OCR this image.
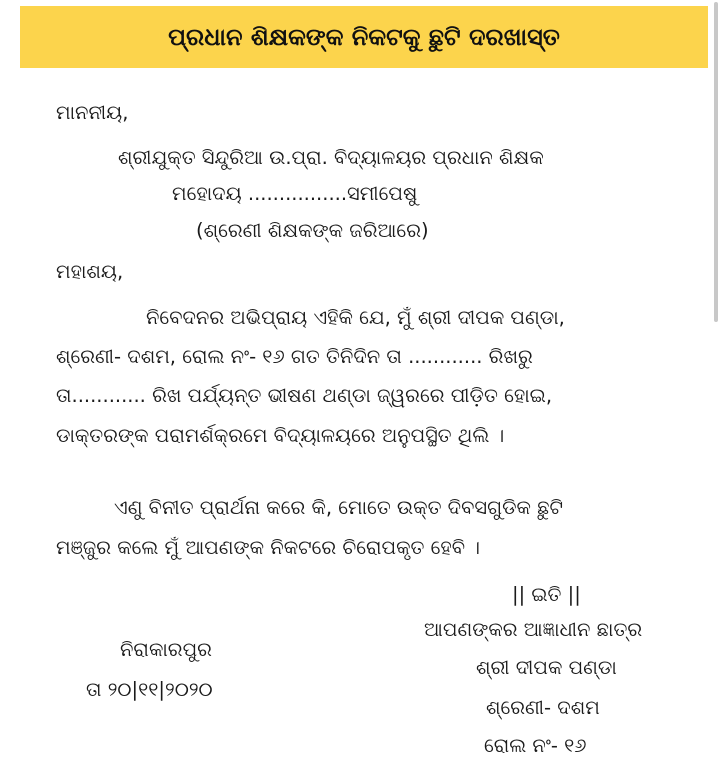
ପ୍ରଧାନ ଶିକ୍ଷକଙ୍କ ନିକଟକୁ ଛୁଟି ଦରଖାସ୍ତ
ମାନନୀୟ,
ଶ୍ରୀଯୁକ୍ତ ସିନ୍ଦୁରିଆ ଉ.ପ୍ରା. ବିଦ୍ୟାଳୟର ପ୍ରଧାନ ଶିକ୍ଷକ
ମହୋଦୟ ................ସମୀପେଷୁ
(ଶ୍ରେଣୀ ଶିକ୍ଷକଙ୍କ ଜରିଆରେ)
ମହାଶୟ,
ନିବେଦନର ଅଭିପ୍ରାୟ ଏହିକି ଯେ, ମୁଁ ଶ୍ରୀ ଦୀପକ ପଣ୍ଡା,
ଶ୍ରେଣୀ- ଦଶମ, ରୋଲ ନଂ- ୧୬ ଗତ ତିନିଦିନ ତା ............ ରିଖରୁ
ତା............ ରିଖ ପର୍ଯ୍ୟନ୍ତ ଭୀଷଣ ଥଣ୍ଡା ଜ୍ୱରରେ ପୀଡ଼ିତ ହୋଇ,
ଡାକ୍ତରଙ୍କ ପରାମର୍ଶକ୍ରମେ ବିଦ୍ୟାଳୟରେ ଅନୁପସ୍ଥିତ ଥିଲି ।
ଏଣୁ ବିନୀତ ପ୍ରାର୍ଥନା କରେ କି, ମୋତେ ଉକ୍ତ ଦିବସଗୁଡିକ ଛୁଟି
ମଞ୍ଜୁର କଲେ ମୁଁ ଆପଣଙ୍କ ନିକଟରେ ଚିରୋପକୃତ ହେବି ।
|| ଇତି ||
ଆପଣଙ୍କର ଆଜ୍ଞାଧୀନ ଛାତ୍ର
ନିରାକାରପୁର
ଶ୍ରୀ ଦୀପକ ପଣ୍ଡା
ତା ୨୦|୧୧|୨୦୨୦
ଶ୍ରେଣୀ- ଦଶମ
ରୋଲ ନଂ- ୧୬
